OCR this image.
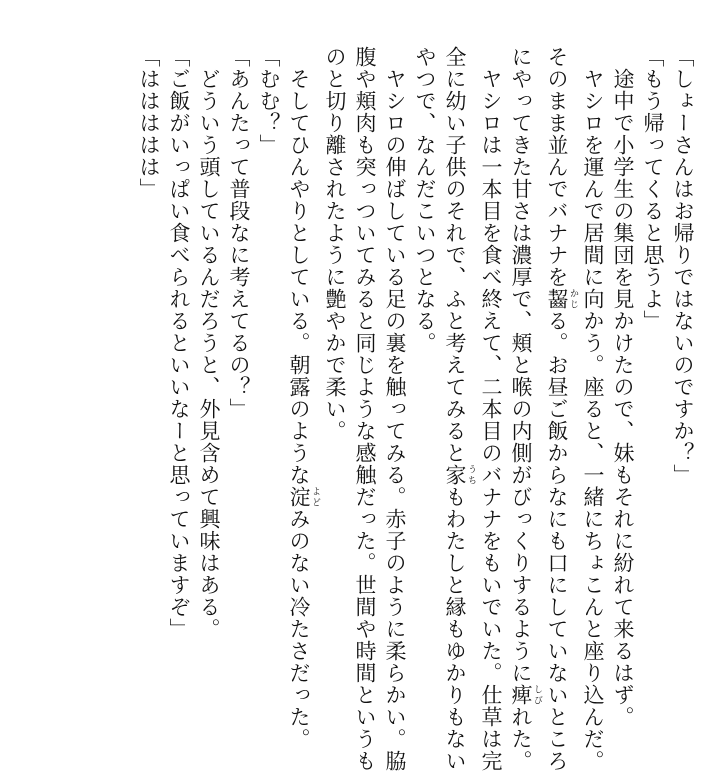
「しょーさんはお帰りではないのですか？」
「もう帰ってくると思うよ」
　途中で小学生の集団を見かけたので、妹もそれに紛れて来るはず。
　ヤシロを運んで居間に向かう。座ると、一緒にちょこんと座り込んだ。
そのまま並んでバナナを齧 かじる。お昼ご飯からなにも口にしていないところ
にやってきた甘さは濃厚で、頬と喉の内側がびっくりするように痺 しびれた。
　ヤシロは一本目を食べ終えて、二本目のバナナをもいでいた。仕草は完
全に幼い子供のそれで、ふと考えてみると家 うちもわたしと縁もゆかりもない
やつで、なんだこいつとなる。
　ヤシロの伸ばしている足の裏を触ってみる。赤子のように柔らかい。脇
腹や頬肉も突っついてみると同じような感触だった。世間や時間というも
のと切り離されたように艶やかで柔い。
　そしてひんやりとしている。朝露のような淀 よどみのない冷たさだった。
「むむ？」
「あんたって普段なに考えてるの？」
　どういう頭しているんだろうと、外見含めて興味はある。
「ご飯がいっぱい食べられるといいなーと思っていますぞ」
「ははははは」
